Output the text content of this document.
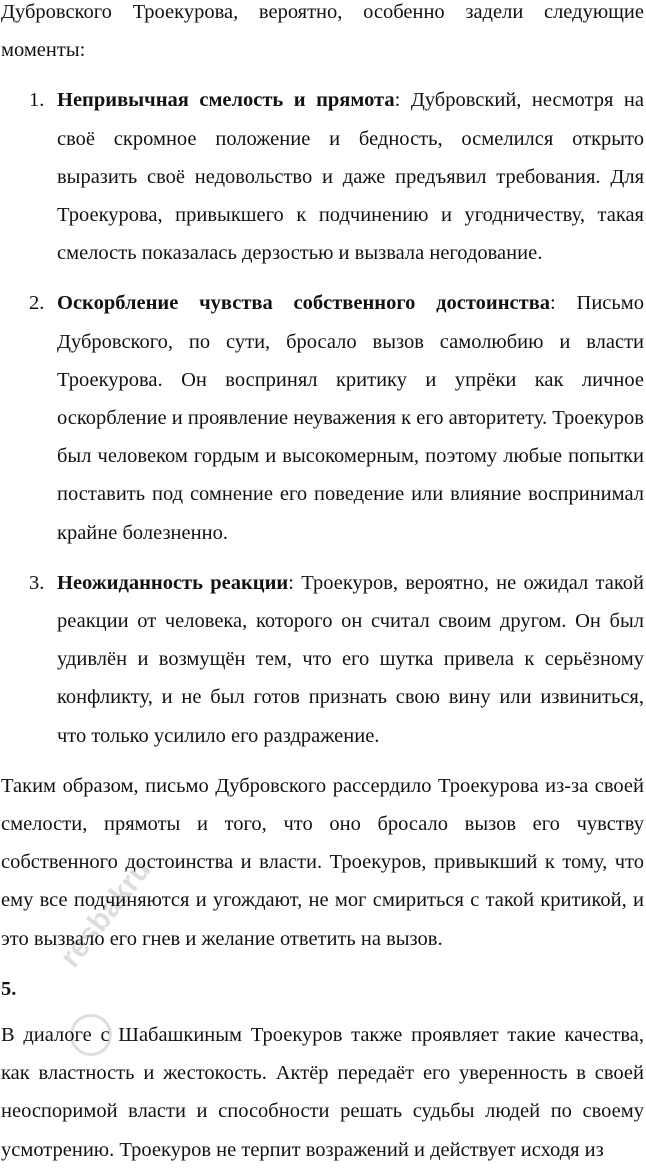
Дубровского Троекурова, вероятно, особенно задели следующие моменты:

1. Непривычная смелость и прямота: Дубровский, несмотря на своё скромное положение и бедность, осмелился открыто выразить своё недовольство и даже предъявил требования. Для Троекурова, привыкшего к подчинению и угодничеству, такая смелость показалась дерзостью и вызвала негодование.

2. Оскорбление чувства собственного достоинства: Письмо Дубровского, по сути, бросало вызов самолюбию и власти Троекурова. Он воспринял критику и упрёки как личное оскорбление и проявление неуважения к его авторитету. Троекуров был человеком гордым и высокомерным, поэтому любые попытки поставить под сомнение его поведение или влияние воспринимал крайне болезненно.

3. Неожиданность реакции: Троекуров, вероятно, не ожидал такой реакции от человека, которого он считал своим другом. Он был удивлён и возмущён тем, что его шутка привела к серьёзному конфликту, и не был готов признать свою вину или извиниться, что только усилило его раздражение.

Таким образом, письмо Дубровского рассердило Троекурова из-за своей смелости, прямоты и того, что оно бросало вызов его чувству собственного достоинства и власти. Троекуров, привыкший к тому, что ему все подчиняются и угождают, не мог смириться с такой критикой, и это вызвало его гнев и желание ответить на вызов.

5.

В диалоге с Шабашкиным Троекуров также проявляет такие качества, как властность и жестокость. Актёр передаёт его уверенность в своей неоспоримой власти и способности решать судьбы людей по своему усмотрению. Троекуров не терпит возражений и действует исходя из

resbakru
